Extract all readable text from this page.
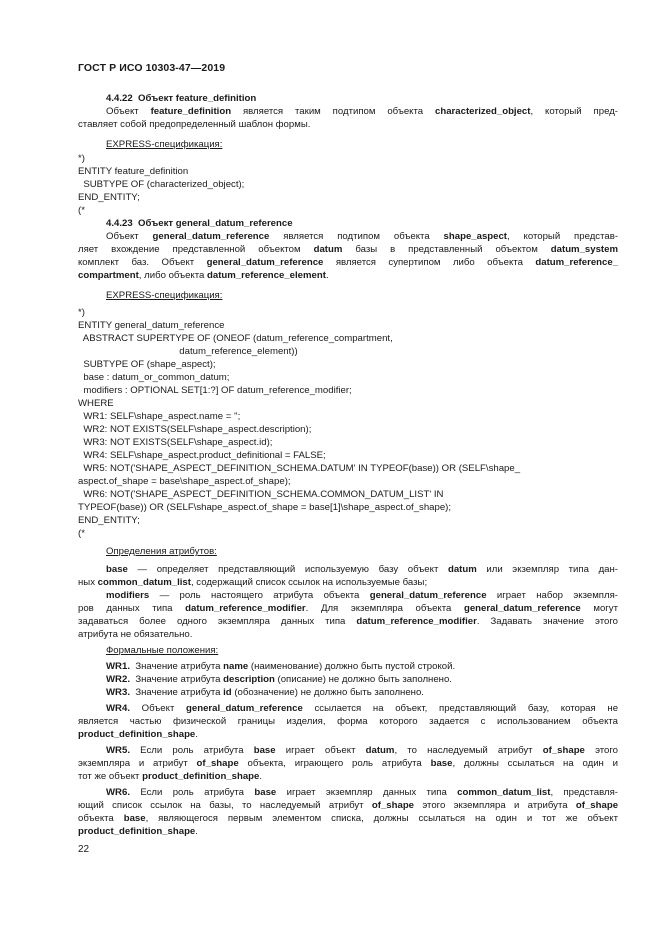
ГОСТ Р ИСО 10303-47—2019
4.4.22  Объект feature_definition
Объект feature_definition является таким подтипом объекта characterized_object, который пред-
ставляет собой предопределенный шаблон формы.
EXPRESS-спецификация:
*)
ENTITY feature_definition
SUBTYPE OF (characterized_object);
END_ENTITY;
(*
4.4.23  Объект general_datum_reference
Объект general_datum_reference является подтипом объекта shape_aspect, который представ-
ляет вхождение представленной объектом datum базы в представленный объектом datum_system
комплект баз. Объект general_datum_reference является супертипом либо объекта datum_reference_
compartment, либо объекта datum_reference_element.
EXPRESS-спецификация:
*)
ENTITY general_datum_reference
ABSTRACT SUPERTYPE OF (ONEOF (datum_reference_compartment,
datum_reference_element))
SUBTYPE OF (shape_aspect);
base : datum_or_common_datum;
modifiers : OPTIONAL SET[1:?] OF datum_reference_modifier;
WHERE
WR1: SELF\shape_aspect.name = '';
WR2: NOT EXISTS(SELF\shape_aspect.description);
WR3: NOT EXISTS(SELF\shape_aspect.id);
WR4: SELF\shape_aspect.product_definitional = FALSE;
WR5: NOT('SHAPE_ASPECT_DEFINITION_SCHEMA.DATUM' IN TYPEOF(base)) OR (SELF\shape_
aspect.of_shape = base\shape_aspect.of_shape);
WR6: NOT('SHAPE_ASPECT_DEFINITION_SCHEMA.COMMON_DATUM_LIST' IN
TYPEOF(base)) OR (SELF\shape_aspect.of_shape = base[1]\shape_aspect.of_shape);
END_ENTITY;
(*
Определения атрибутов:
base — определяет представляющий используемую базу объект datum или экземпляр типа дан-
ных common_datum_list, содержащий список ссылок на используемые базы;
modifiers — роль настоящего атрибута объекта general_datum_reference играет набор экземпля-
ров данных типа datum_reference_modifier. Для экземпляра объекта general_datum_reference могут
задаваться более одного экземпляра данных типа datum_reference_modifier. Задавать значение этого
атрибута не обязательно.
Формальные положения:
WR1. Значение атрибута name (наименование) должно быть пустой строкой.
WR2. Значение атрибута description (описание) не должно быть заполнено.
WR3. Значение атрибута id (обозначение) не должно быть заполнено.
WR4. Объект general_datum_reference ссылается на объект, представляющий базу, которая не
является частью физической границы изделия, форма которого задается с использованием объекта
product_definition_shape.
WR5. Если роль атрибута base играет объект datum, то наследуемый атрибут of_shape этого
экземпляра и атрибут of_shape объекта, играющего роль атрибута base, должны ссылаться на один и
тот же объект product_definition_shape.
WR6. Если роль атрибута base играет экземпляр данных типа common_datum_list, представля-
ющий список ссылок на базы, то наследуемый атрибут of_shape этого экземпляра и атрибута of_shape
объекта base, являющегося первым элементом списка, должны ссылаться на один и тот же объект
product_definition_shape.
22
